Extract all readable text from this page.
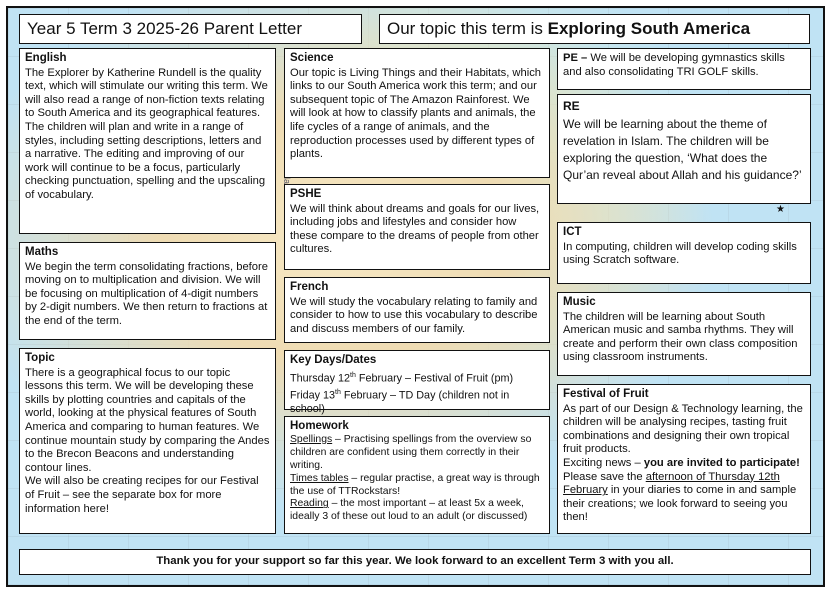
★
Year 5 Term 3 2025-26 Parent Letter	Our topic this term is Exploring South America
English

The Explorer by Katherine Rundell is the quality text, which will stimulate our writing this term. We will also read a range of non-fiction texts relating to South America and its geographical features.

The children will plan and write in a range of styles, including setting descriptions, letters and a narrative. The editing and improving of our work will continue to be a focus, particularly checking punctuation, spelling and the upscaling of vocabulary.

Maths

We begin the term consolidating fractions, before moving on to multiplication and division. We will be focusing on multiplication of 4-digit numbers by 2-digit numbers. We then return to fractions at the end of the term.

Topic

There is a geographical focus to our topic lessons this term. We will be developing these skills by plotting countries and capitals of the world, looking at the physical features of South America and comparing to human features. We continue mountain study by comparing the Andes to the Brecon Beacons and understanding contour lines.

We will also be creating recipes for our Festival of Fruit – see the separate box for more information here!

Science

Our topic is Living Things and their Habitats, which links to our South America work this term; and our subsequent topic of The Amazon Rainforest. We will look at how to classify plants and animals, the life cycles of a range of animals, and the reproduction processes used by different types of plants.

PSHE

We will think about dreams and goals for our lives, including jobs and lifestyles and consider how these compare to the dreams of people from other cultures.

French

We will study the vocabulary relating to family and consider to how to use this vocabulary to describe and discuss members of our family.

Key Days/Dates

Thursday 12th February – Festival of Fruit (pm)

Friday 13th February – TD Day (children not in school)

Homework

Spellings – Practising spellings from the overview so children are confident using them correctly in their writing.

Times tables – regular practise, a great way is through the use of TTRockstars!

Reading – the most important – at least 5x a week, ideally 3 of these out loud to an adult (or discussed)

PE – We will be developing gymnastics skills and also consolidating TRI GOLF skills.

RE

We will be learning about the theme of revelation in Islam. The children will be exploring the question, ‘What does the Qur’an reveal about Allah and his guidance?’

ICT

In computing, children will develop coding skills using Scratch software.

Music

The children will be learning about South American music and samba rhythms. They will create and perform their own class composition using classroom instruments.

Festival of Fruit

As part of our Design & Technology learning, the children will be analysing recipes, tasting fruit combinations and designing their own tropical fruit products.

Exciting news – you are invited to participate! Please save the afternoon of Thursday 12th February in your diaries to come in and sample their creations; we look forward to seeing you then!

Thank you for your support so far this year. We look forward to an excellent Term 3 with you all.
